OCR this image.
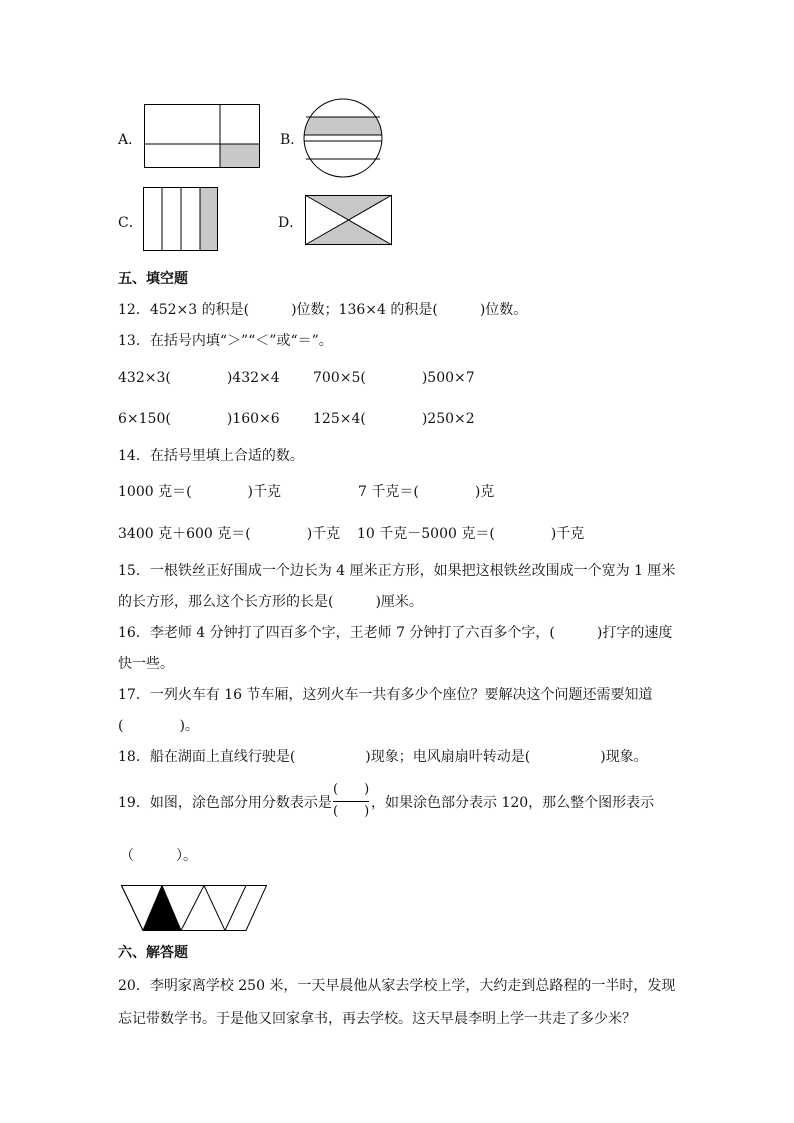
A．	B．
C．	D．
五、填空题
12．452×3 的积是(　　　)位数；136×4 的积是(　　　)位数。
13．在括号内填“＞”“＜”或“＝”。
432×3(　　　　)432×4 700×5(　　　　)500×7
6×150(　　　　)160×6 125×4(　　　　)250×2
14．在括号里填上合适的数。
1000 克＝(　　　　)千克	7 千克＝(　　　　)克
3400 克＋600 克＝(　　　　)千克 10 千克－5000 克＝(　　　　)千克
15．一根铁丝正好围成一个边长为 4 厘米正方形，如果把这根铁丝改围成一个宽为 1 厘米
的长方形，那么这个长方形的长是(　　　)厘米。
16．李老师 4 分钟打了四百多个字，王老师 7 分钟打了六百多个字，(　　　)打字的速度
快一些。
17．一列火车有 16 节车厢，这列火车一共有多少个座位？要解决这个问题还需要知道
(　　　　)。
18．船在湖面上直线行驶是(　　　　　)现象；电风扇扇叶转动是(　　　　　)现象。
19．如图，涂色部分用分数表示是
(　　)
(　　)
，如果涂色部分表示 120，那么整个图形表示
（　　　）。
六、解答题
20．李明家离学校 250 米，一天早晨他从家去学校上学，大约走到总路程的一半时，发现
忘记带数学书。于是他又回家拿书，再去学校。这天早晨李明上学一共走了多少米？
